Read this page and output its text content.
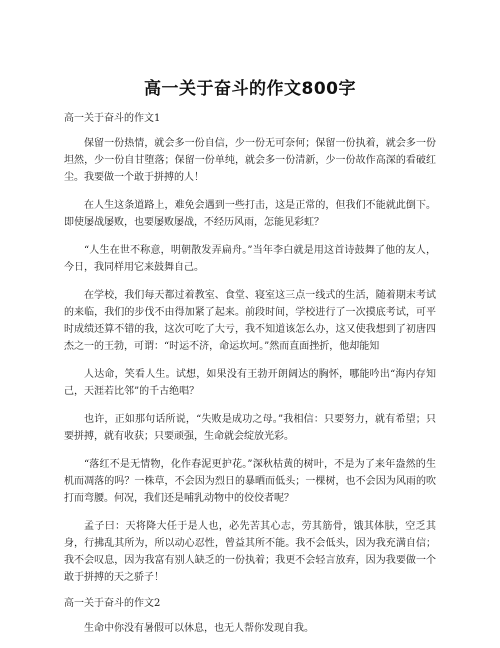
高一关于奋斗的作文800字
高一关于奋斗的作文1

保留一份热情，就会多一份自信，少一份无可奈何；保留一份执着，就会多一份坦然，少一份自甘堕落；保留一份单纯，就会多一份清新，少一份故作高深的看破红尘。我要做一个敢于拼搏的人！

在人生这条道路上，难免会遇到一些打击，这是正常的，但我们不能就此倒下。即使屡战屡败，也要屡败屡战，不经历风雨，怎能见彩虹？

“人生在世不称意，明朝散发弄扁舟。”当年李白就是用这首诗鼓舞了他的友人，今日，我同样用它来鼓舞自己。

在学校，我们每天都过着教室、食堂、寝室这三点一线式的生活，随着期末考试的来临，我们的步伐不由得加紧了起来。前段时间，学校进行了一次摸底考试，可平时成绩还算不错的我，这次可吃了大亏，我不知道该怎么办，这又使我想到了初唐四杰之一的王勃，可谓：“时运不济，命运坎坷。”然而直面挫折，他却能知

人达命，笑看人生。试想，如果没有王勃开朗阔达的胸怀，哪能吟出“海内存知己，天涯若比邻”的千古绝唱？

也许，正如那句话所说，“失败是成功之母。”我相信：只要努力，就有希望；只要拼搏，就有收获；只要顽强，生命就会绽放光彩。

“落红不是无情物，化作春泥更护花。”深秋枯黄的树叶，不是为了来年盎然的生机而凋落的吗？一株草，不会因为烈日的暴晒而低头；一棵树，也不会因为风雨的吹打而弯腰。何况，我们还是哺乳动物中的佼佼者呢？

孟子曰：天将降大任于是人也，必先苦其心志，劳其筋骨，饿其体肤，空乏其身，行拂乱其所为，所以动心忍性，曾益其所不能。我不会低头，因为我充满自信；我不会叹息，因为我富有别人缺乏的一份执着；我更不会轻言放弃，因为我要做一个敢于拼搏的天之骄子！

高一关于奋斗的作文2

生命中你没有暑假可以休息，也无人帮你发现自我。
